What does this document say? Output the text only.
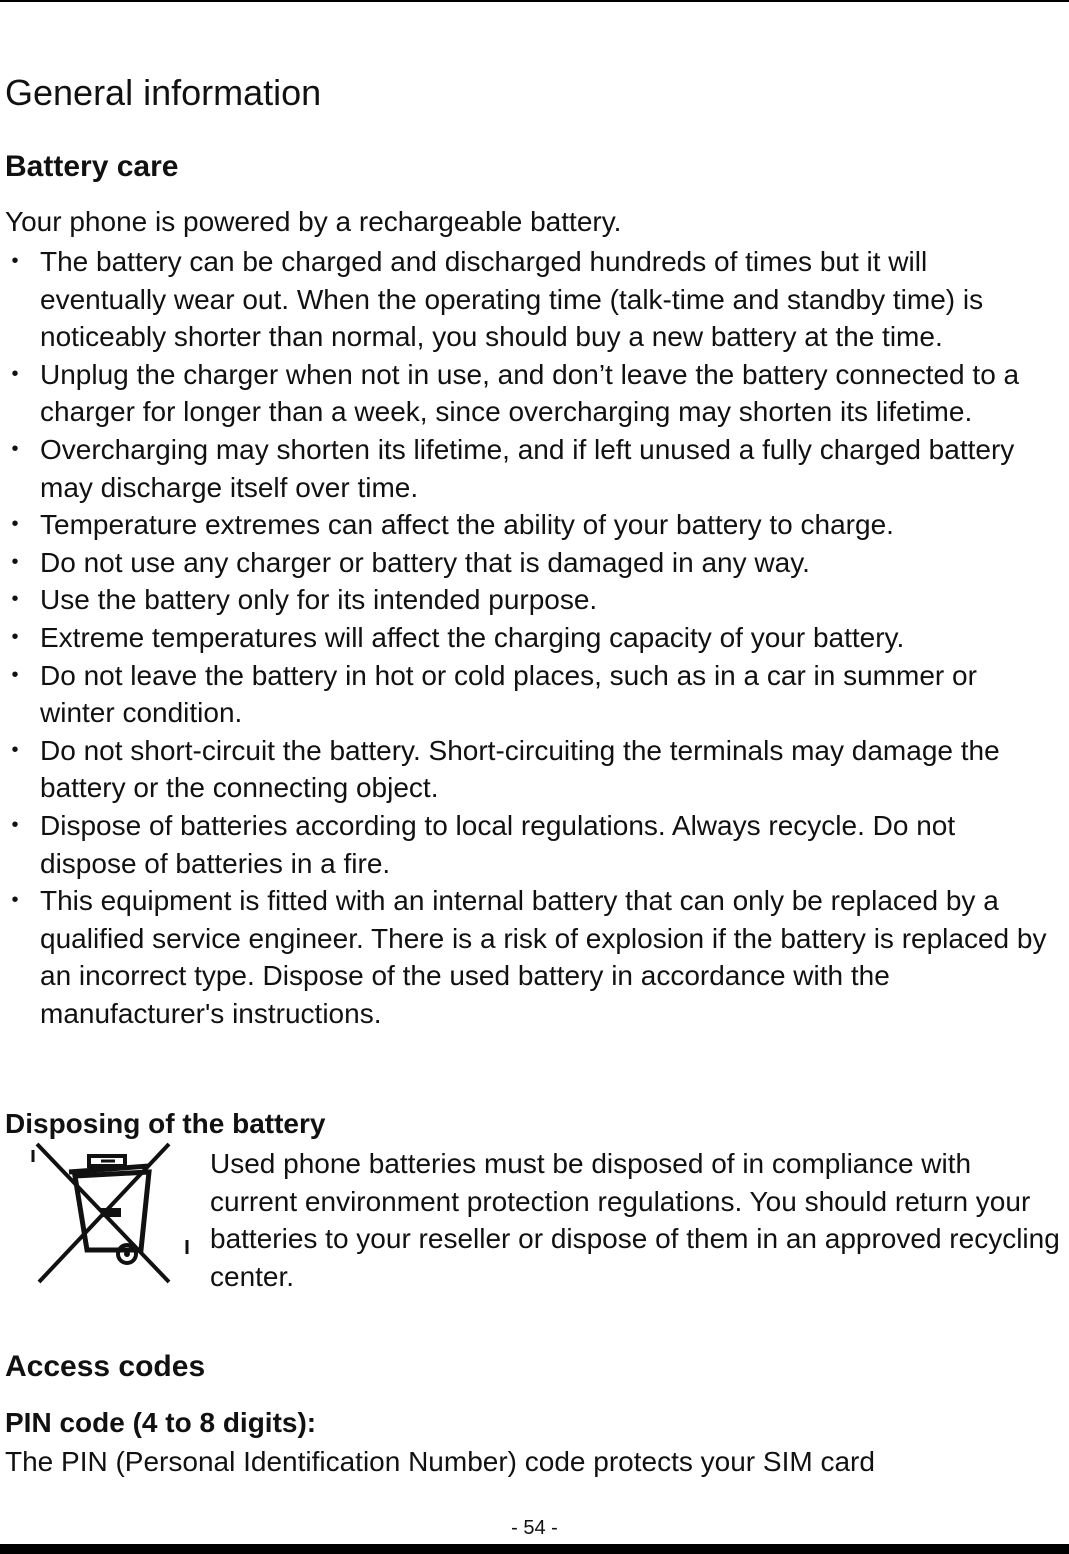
General information
Battery care

Your phone is powered by a rechargeable battery.

• The battery can be charged and discharged hundreds of times but it will eventually wear out. When the operating time (talk-time and standby time) is noticeably shorter than normal, you should buy a new battery at the time.
• Unplug the charger when not in use, and don’t leave the battery connected to a charger for longer than a week, since overcharging may shorten its lifetime.
• Overcharging may shorten its lifetime, and if left unused a fully charged battery may discharge itself over time.
• Temperature extremes can affect the ability of your battery to charge.
• Do not use any charger or battery that is damaged in any way.
• Use the battery only for its intended purpose.
• Extreme temperatures will affect the charging capacity of your battery.
• Do not leave the battery in hot or cold places, such as in a car in summer or winter condition.
• Do not short-circuit the battery. Short-circuiting the terminals may damage the battery or the connecting object.
• Dispose of batteries according to local regulations. Always recycle. Do not dispose of batteries in a fire.
• This equipment is fitted with an internal battery that can only be replaced by a qualified service engineer. There is a risk of explosion if the battery is replaced by an incorrect type. Dispose of the used battery in accordance with the manufacturer's instructions.
Disposing of the battery

Used phone batteries must be disposed of in compliance with current environment protection regulations. You should return your batteries to your reseller or dispose of them in an approved recycling center.

Access codes
PIN code (4 to 8 digits):

The PIN (Personal Identification Number) code protects your SIM card

- 54 -
